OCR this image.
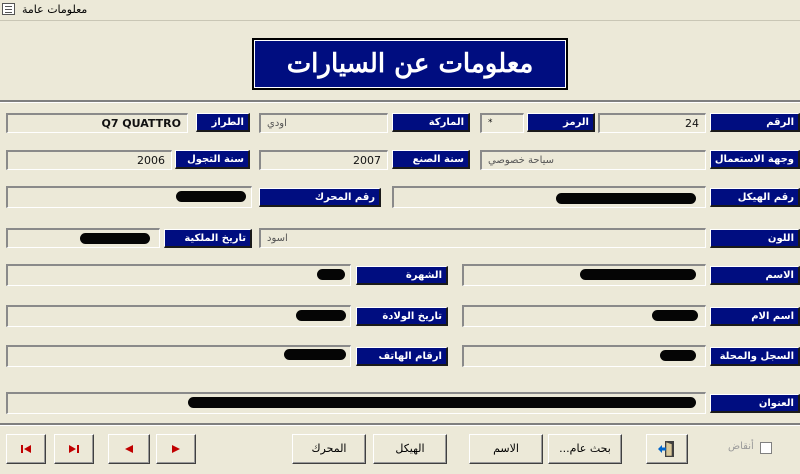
معلومات عامة
معلومات عن السيارات
الرقم
24
الرمز
*
الماركة
اودي
الطراز
Q7 QUATTRO
وجهة الاستعمال
سياحة خصوصي
سنة الصنع
2007
سنة التجول
2006
رقم الهيكل
رقم المحرك
اللون
اسود
تاريخ الملكية
الاسم
الشهرة
اسم الام
تاريخ الولادة
السجل والمحلة
ارقام الهاتف
العنوان
المحرك	الهيكل	الاسم	بحث عام...	أنقاض
